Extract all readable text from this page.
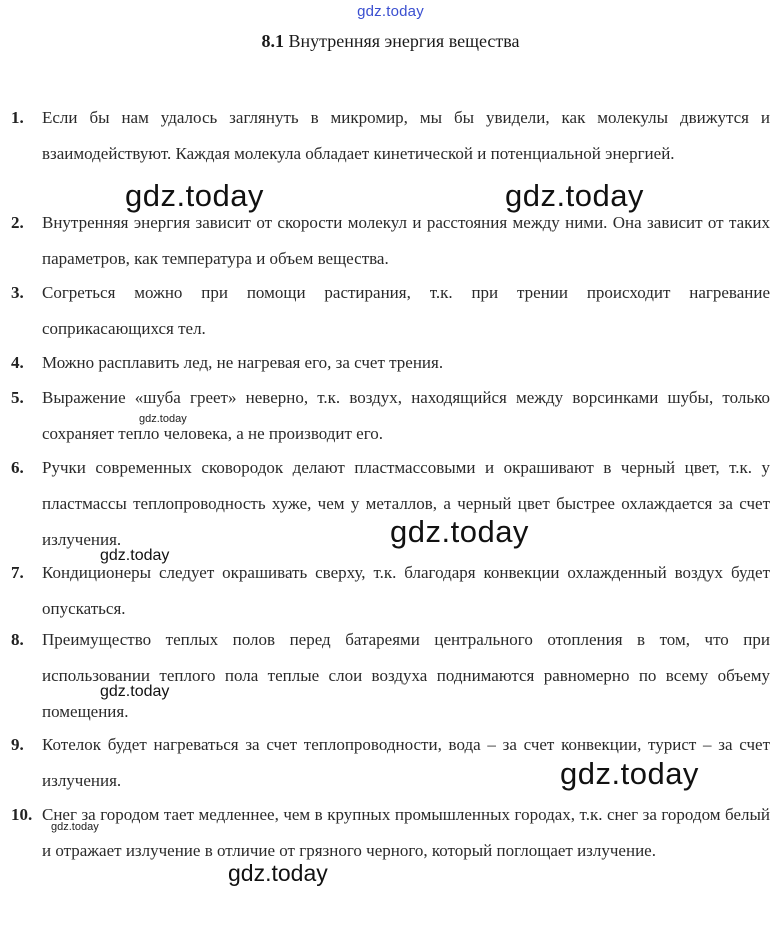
gdz.today
8.1 Внутренняя энергия вещества
1. Если бы нам удалось заглянуть в микромир, мы бы увидели, как молекулы движутся и взаимодействуют. Каждая молекула обладает кинетической и потенциальной энергией.
2. Внутренняя энергия зависит от скорости молекул и расстояния между ними. Она зависит от таких параметров, как температура и объем вещества.
3. Согреться можно при помощи растирания, т.к. при трении происходит нагревание соприкасающихся тел.
4. Можно расплавить лед, не нагревая его, за счет трения.
5. Выражение «шуба греет» неверно, т.к. воздух, находящийся между ворсинками шубы, только сохраняет тепло человека, а не производит его.
6. Ручки современных сковородок делают пластмассовыми и окрашивают в черный цвет, т.к. у пластмассы теплопроводность хуже, чем у металлов, а черный цвет быстрее охлаждается за счет излучения.
7. Кондиционеры следует окрашивать сверху, т.к. благодаря конвекции охлажденный воздух будет опускаться.
8. Преимущество теплых полов перед батареями центрального отопления в том, что при использовании теплого пола теплые слои воздуха поднимаются равномерно по всему объему помещения.
9. Котелок будет нагреваться за счет теплопроводности, вода – за счет конвекции, турист – за счет излучения.
10. Снег за городом тает медленнее, чем в крупных промышленных городах, т.к. снег за городом белый и отражает излучение в отличие от грязного черного, который поглощает излучение.
gdz.today	gdz.today
gdz.today
gdz.today
gdz.today
gdz.today
gdz.today
gdz.today
gdz.today
